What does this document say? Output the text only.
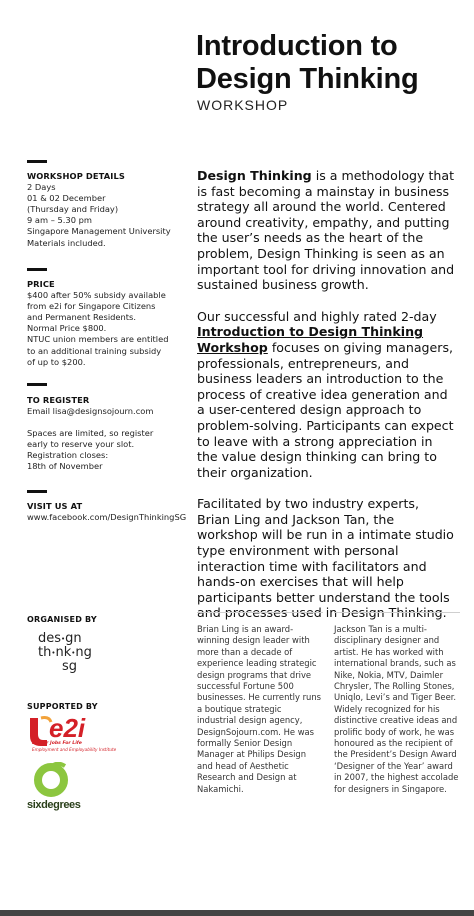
Introduction to
Design Thinking
WORKSHOP
WORKSHOP DETAILS
2 Days
01 & 02 December
(Thursday and Friday)
9 am – 5.30 pm
Singapore Management University
Materials included.
PRICE
$400 after 50% subsidy available
from e2i for Singapore Citizens
and Permanent Residents.
Normal Price $800.
NTUC union members are entitled
to an additional training subsidy
of up to $200.
TO REGISTER
Email lisa@designsojourn.com
Spaces are limited, so register
early to reserve your slot.
Registration closes:
18th of November
VISIT US AT
www.facebook.com/DesignThinkingSG

Design Thinking is a methodology that is fast becoming a mainstay in business strategy all around the world. Centered around creativity, empathy, and putting the user’s needs as the heart of the problem, Design Thinking is seen as an important tool for driving innovation and sustained business growth.

Our successful and highly rated 2-day Introduction to Design Thinking Workshop focuses on giving managers, professionals, entrepreneurs, and business leaders an introduction to the process of creative idea generation and a user-centered design approach to problem-solving. Participants can expect to leave with a strong appreciation in the value design thinking can bring to their organization.

Facilitated by two industry experts, Brian Ling and Jackson Tan, the workshop will be run in a intimate studio type environment with personal interaction time with facilitators and hands-on exercises that will help participants better understand the tools in

Brian Ling is an award-winning design leader with more than a decade of experience leading strategic design programs that drive successful Fortune 500 businesses. He currently runs a boutique strategic industrial design agency, DesignSojourn.com. He was formally Senior Design Manager at Philips Design and head of Aesthetic Research and Design at Nakamichi.
Jackson Tan is a multi-disciplinary designer and artist. He has worked with international brands, such as Nike, Nokia, MTV, Daimler Chrysler, The Rolling Stones, Uniqlo, Levi’s and Tiger Beer. Widely recognized for his distinctive creative ideas and prolific body of work, he was honoured as the recipient of the President’s Design Award ‘Designer of the Year’ award in 2007, the highest accolade for designers in Singapore.
ORGANISED BY
des•gn
th•nk•ng
sg
SUPPORTED BY
e2i
Better Jobs For Life
Employment and Employability Institute
sixdegrees
